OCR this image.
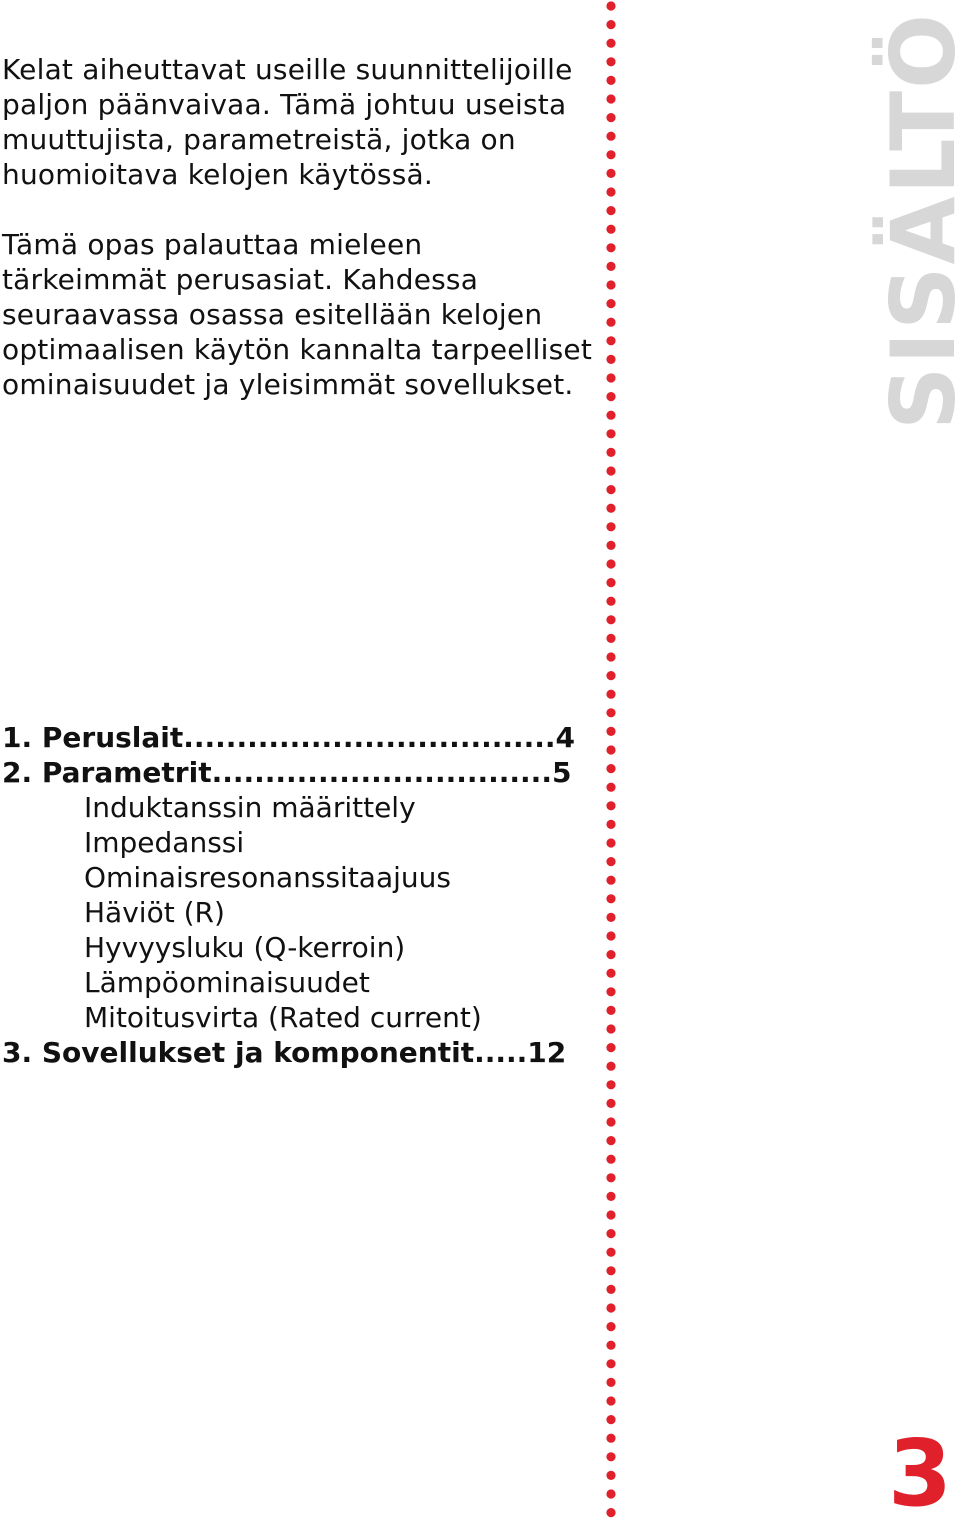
Kelat aiheuttavat useille suunnittelijoille
paljon päänvaivaa. Tämä johtuu useista
muuttujista, parametreistä, jotka on
huomioitava kelojen käytössä.

Tämä opas palauttaa mieleen
tärkeimmät perusasiat. Kahdessa
seuraavassa osassa esitellään kelojen
optimaalisen käytön kannalta tarpeelliset
ominaisuudet ja yleisimmät sovellukset.

1. Peruslait...................................4
2. Parametrit................................5
Induktanssin määrittely
Impedanssi
Ominaisresonanssitaajuus
Häviöt (R)
Hyvyysluku (Q-kerroin)
Lämpöominaisuudet
Mitoitusvirta (Rated current)
3. Sovellukset ja komponentit.....12
SISÄLTÖ
3
